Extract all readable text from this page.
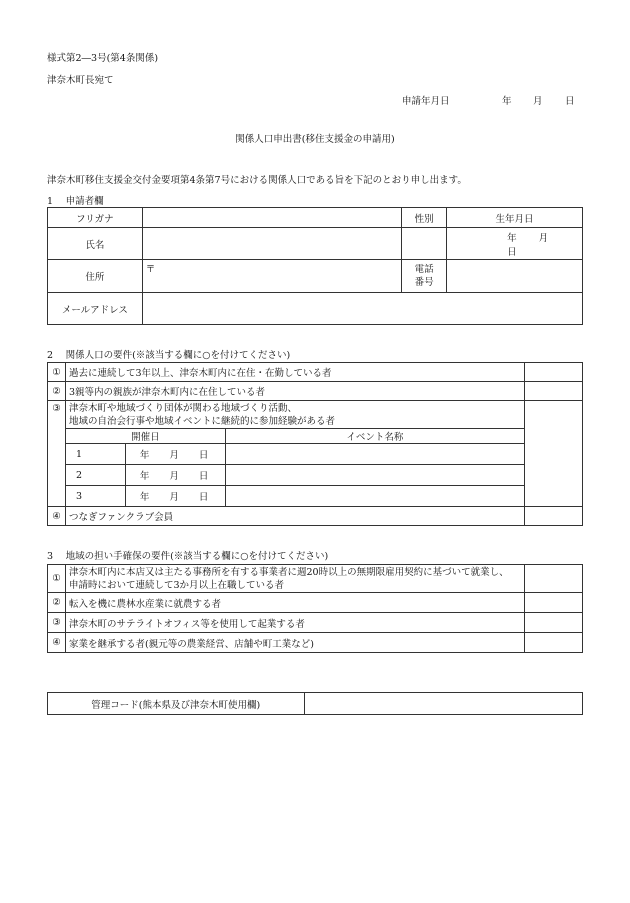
様式第2―3号(第4条関係)
津奈木町長宛て
申請年月日	年 月 日
関係人口申出書(移住支援金の申請用)
津奈木町移住支援金交付金要項第4条第7号における関係人口である旨を下記のとおり申し出ます。
1　 申請者欄
フリガナ		性別	生年月日
氏名			年 月日
住所	〒	電話
番号	
メールアドレス			
2　 関係人口の要件(※該当する欄に○を付けてください)
①	過去に連続して3年以上、津奈木町内に在住・在勤している者			
②	3親等内の親族が津奈木町内に在住している者			
③	津奈木町や地域づくり団体が関わる地域づくり活動、
地域の自治会行事や地域イベントに継続的に参加経験がある者			
	開催日		イベント名称	
	1	年 月 日		
	2	年 月 日		
	3	年 月 日		
④	つなぎファンクラブ会員			
3　 地域の担い手確保の要件(※該当する欄に○を付けてください)
①	津奈木町内に本店又は主たる事務所を有する事業者に週20時以上の無期限雇用契約に基づいて就業し、
申請時において連続して3か月以上在職している者	
②	転入を機に農林水産業に就農する者	
③	津奈木町のサテライトオフィス等を使用して起業する者	
④	家業を継承する者(親元等の農業経営、店舗や町工業など)	
管理コード(熊本県及び津奈木町使用欄)	
